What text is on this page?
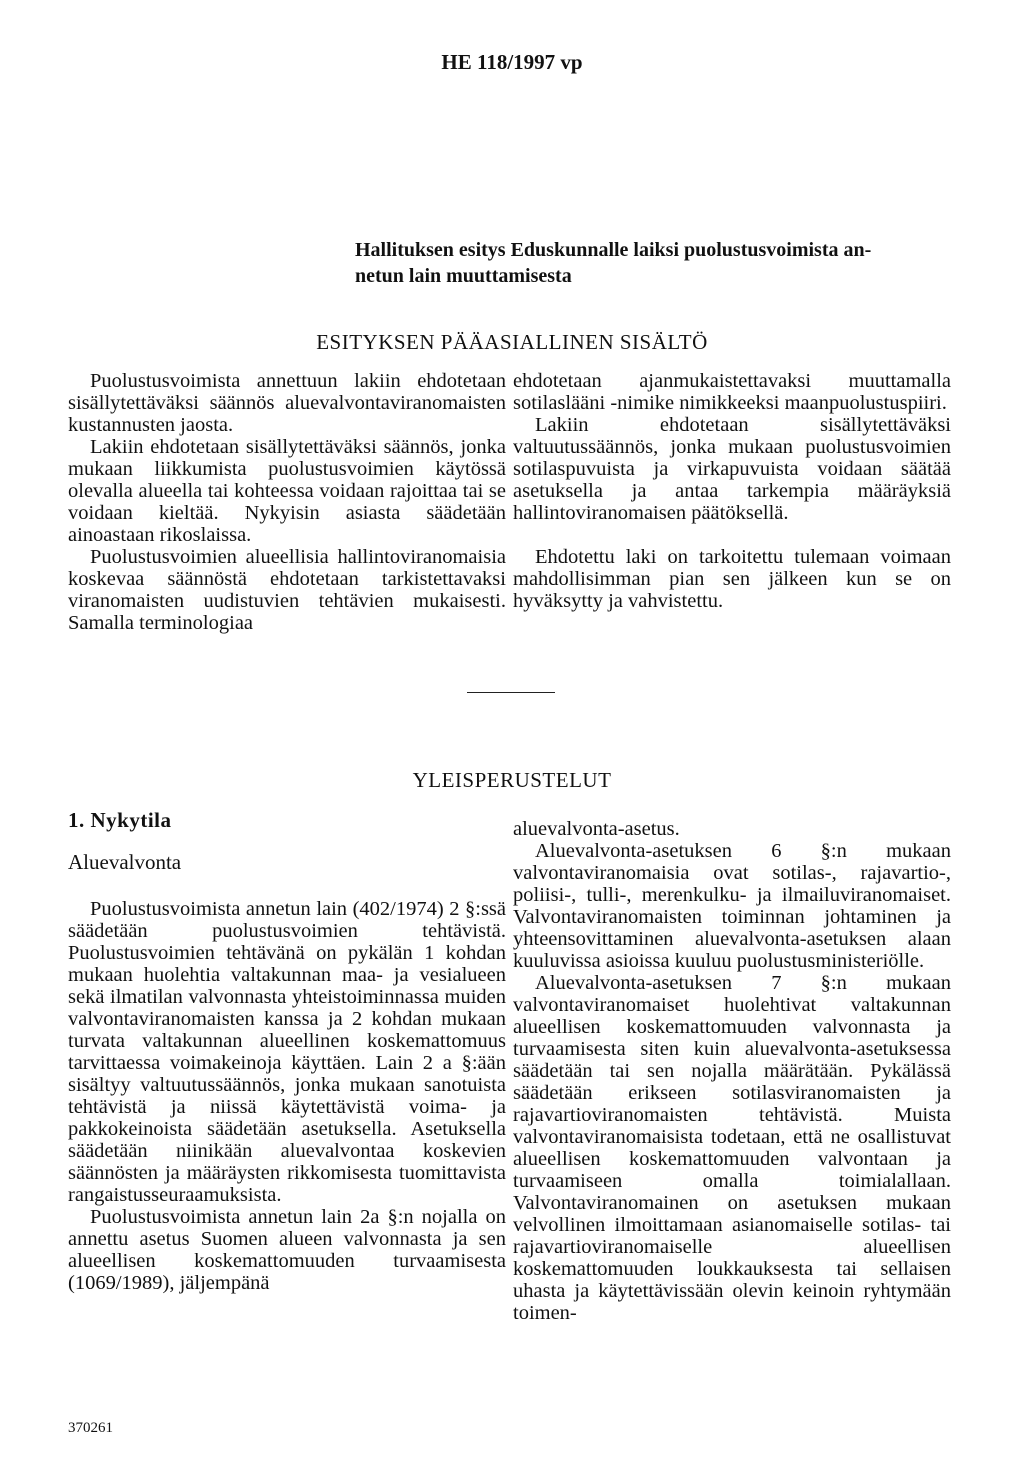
HE 118/1997 vp
Hallituksen esitys Eduskunnalle laiksi puolustusvoimista an-
netun lain muuttamisesta
ESITYKSEN PÄÄASIALLINEN SISÄLTÖ

Puolustusvoimista annettuun lakiin ehdotetaan sisällytettäväksi säännös aluevalvontaviranomaisten kustannusten jaosta.

Lakiin ehdotetaan sisällytettäväksi säännös, jonka mukaan liikkumista puolustusvoimien käytössä olevalla alueella tai kohteessa voidaan rajoittaa tai se voidaan kieltää. Nykyisin asiasta säädetään ainoastaan rikoslaissa.

Puolustusvoimien alueellisia hallintoviranomaisia koskevaa säännöstä ehdotetaan tarkistettavaksi viranomaisten uudistuvien tehtävien mukaisesti. Samalla terminologiaa

ehdotetaan ajanmukaistettavaksi muuttamalla sotilaslääni -nimike nimikkeeksi maanpuolustuspiiri.

Lakiin ehdotetaan sisällytettäväksi valtuutussäännös, jonka mukaan puolustusvoimien sotilaspuvuista ja virkapuvuista voidaan säätää asetuksella ja antaa tarkempia määräyksiä hallintoviranomaisen päätöksellä.

Ehdotettu laki on tarkoitettu tulemaan voimaan mahdollisimman pian sen jälkeen kun se on hyväksytty ja vahvistettu.

YLEISPERUSTELUT
1. Nykytila
Aluevalvonta

Puolustusvoimista annetun lain (402/1974) 2 §:ssä säädetään puolustusvoimien tehtävistä. Puolustusvoimien tehtävänä on pykälän 1 kohdan mukaan huolehtia valtakunnan maa- ja vesialueen sekä ilmatilan valvonnasta yhteistoiminnassa muiden valvontaviranomaisten kanssa ja 2 kohdan mukaan turvata valtakunnan alueellinen koskemattomuus tarvittaessa voimakeinoja käyttäen. Lain 2 a §:ään sisältyy valtuutussäännös, jonka mukaan sanotuista tehtävistä ja niissä käytettävistä voima- ja pakkokeinoista säädetään asetuksella. Asetuksella säädetään niinikään aluevalvontaa koskevien säännösten ja määräysten rikkomisesta tuomittavista rangaistusseuraamuksista.

Puolustusvoimista annetun lain 2a §:n nojalla on annettu asetus Suomen alueen valvonnasta ja sen alueellisen koskemattomuuden turvaamisesta (1069/1989), jäljempänä

aluevalvonta-asetus.

Aluevalvonta-asetuksen 6 §:n mukaan valvontaviranomaisia ovat sotilas-, rajavartio-, poliisi-, tulli-, merenkulku- ja ilmailuviranomaiset. Valvontaviranomaisten toiminnan johtaminen ja yhteensovittaminen aluevalvonta-asetuksen alaan kuuluvissa asioissa kuuluu puolustusministeriölle.

Aluevalvonta-asetuksen 7 §:n mukaan valvontaviranomaiset huolehtivat valtakunnan alueellisen koskemattomuuden valvonnasta ja turvaamisesta siten kuin aluevalvonta-asetuksessa säädetään tai sen nojalla määrätään. Pykälässä säädetään erikseen sotilasviranomaisten ja rajavartioviranomaisten tehtävistä. Muista valvontaviranomaisista todetaan, että ne osallistuvat alueellisen koskemattomuuden valvontaan ja turvaamiseen omalla toimialallaan. Valvontaviranomainen on asetuksen mukaan velvollinen ilmoittamaan asianomaiselle sotilas- tai rajavartioviranomaiselle alueellisen koskemattomuuden loukkauksesta tai sellaisen uhasta ja käytettävissään olevin keinoin ryhtymään toimen-

370261
